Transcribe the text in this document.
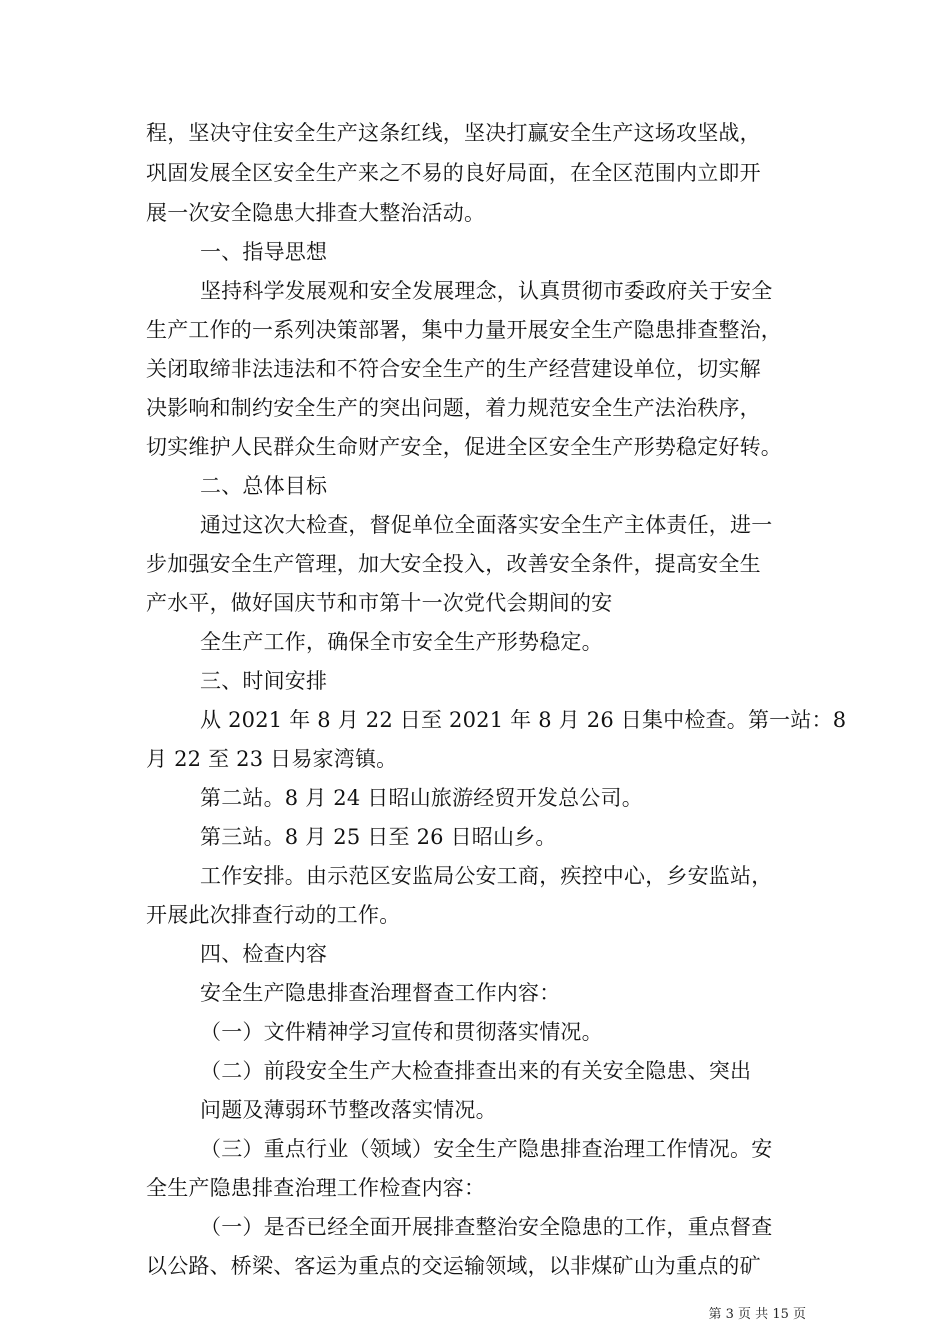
程，坚决守住安全生产这条红线，坚决打赢安全生产这场攻坚战，
巩固发展全区安全生产来之不易的良好局面，在全区范围内立即开
展一次安全隐患大排查大整治活动。
一、指导思想
坚持科学发展观和安全发展理念，认真贯彻市委政府关于安全
生产工作的一系列决策部署，集中力量开展安全生产隐患排查整治，
关闭取缔非法违法和不符合安全生产的生产经营建设单位，切实解
决影响和制约安全生产的突出问题，着力规范安全生产法治秩序，
切实维护人民群众生命财产安全，促进全区安全生产形势稳定好转。
二、总体目标
通过这次大检查，督促单位全面落实安全生产主体责任，进一
步加强安全生产管理，加大安全投入，改善安全条件，提高安全生
产水平，做好国庆节和市第十一次党代会期间的安
全生产工作，确保全市安全生产形势稳定。
三、时间安排
从 2021 年 8 月 22 日至 2021 年 8 月 26 日集中检查。第一站：8
月 22 至 23 日易家湾镇。
第二站。8 月 24 日昭山旅游经贸开发总公司。
第三站。8 月 25 日至 26 日昭山乡。
工作安排。由示范区安监局公安工商，疾控中心，乡安监站，
开展此次排查行动的工作。
四、检查内容
安全生产隐患排查治理督查工作内容：
（一）文件精神学习宣传和贯彻落实情况。
（二）前段安全生产大检查排查出来的有关安全隐患、突出
问题及薄弱环节整改落实情况。
（三）重点行业（领域）安全生产隐患排查治理工作情况。安
全生产隐患排查治理工作检查内容：
（一）是否已经全面开展排查整治安全隐患的工作，重点督查
以公路、桥梁、客运为重点的交运输领域，以非煤矿山为重点的矿
第 3 页 共 15 页
